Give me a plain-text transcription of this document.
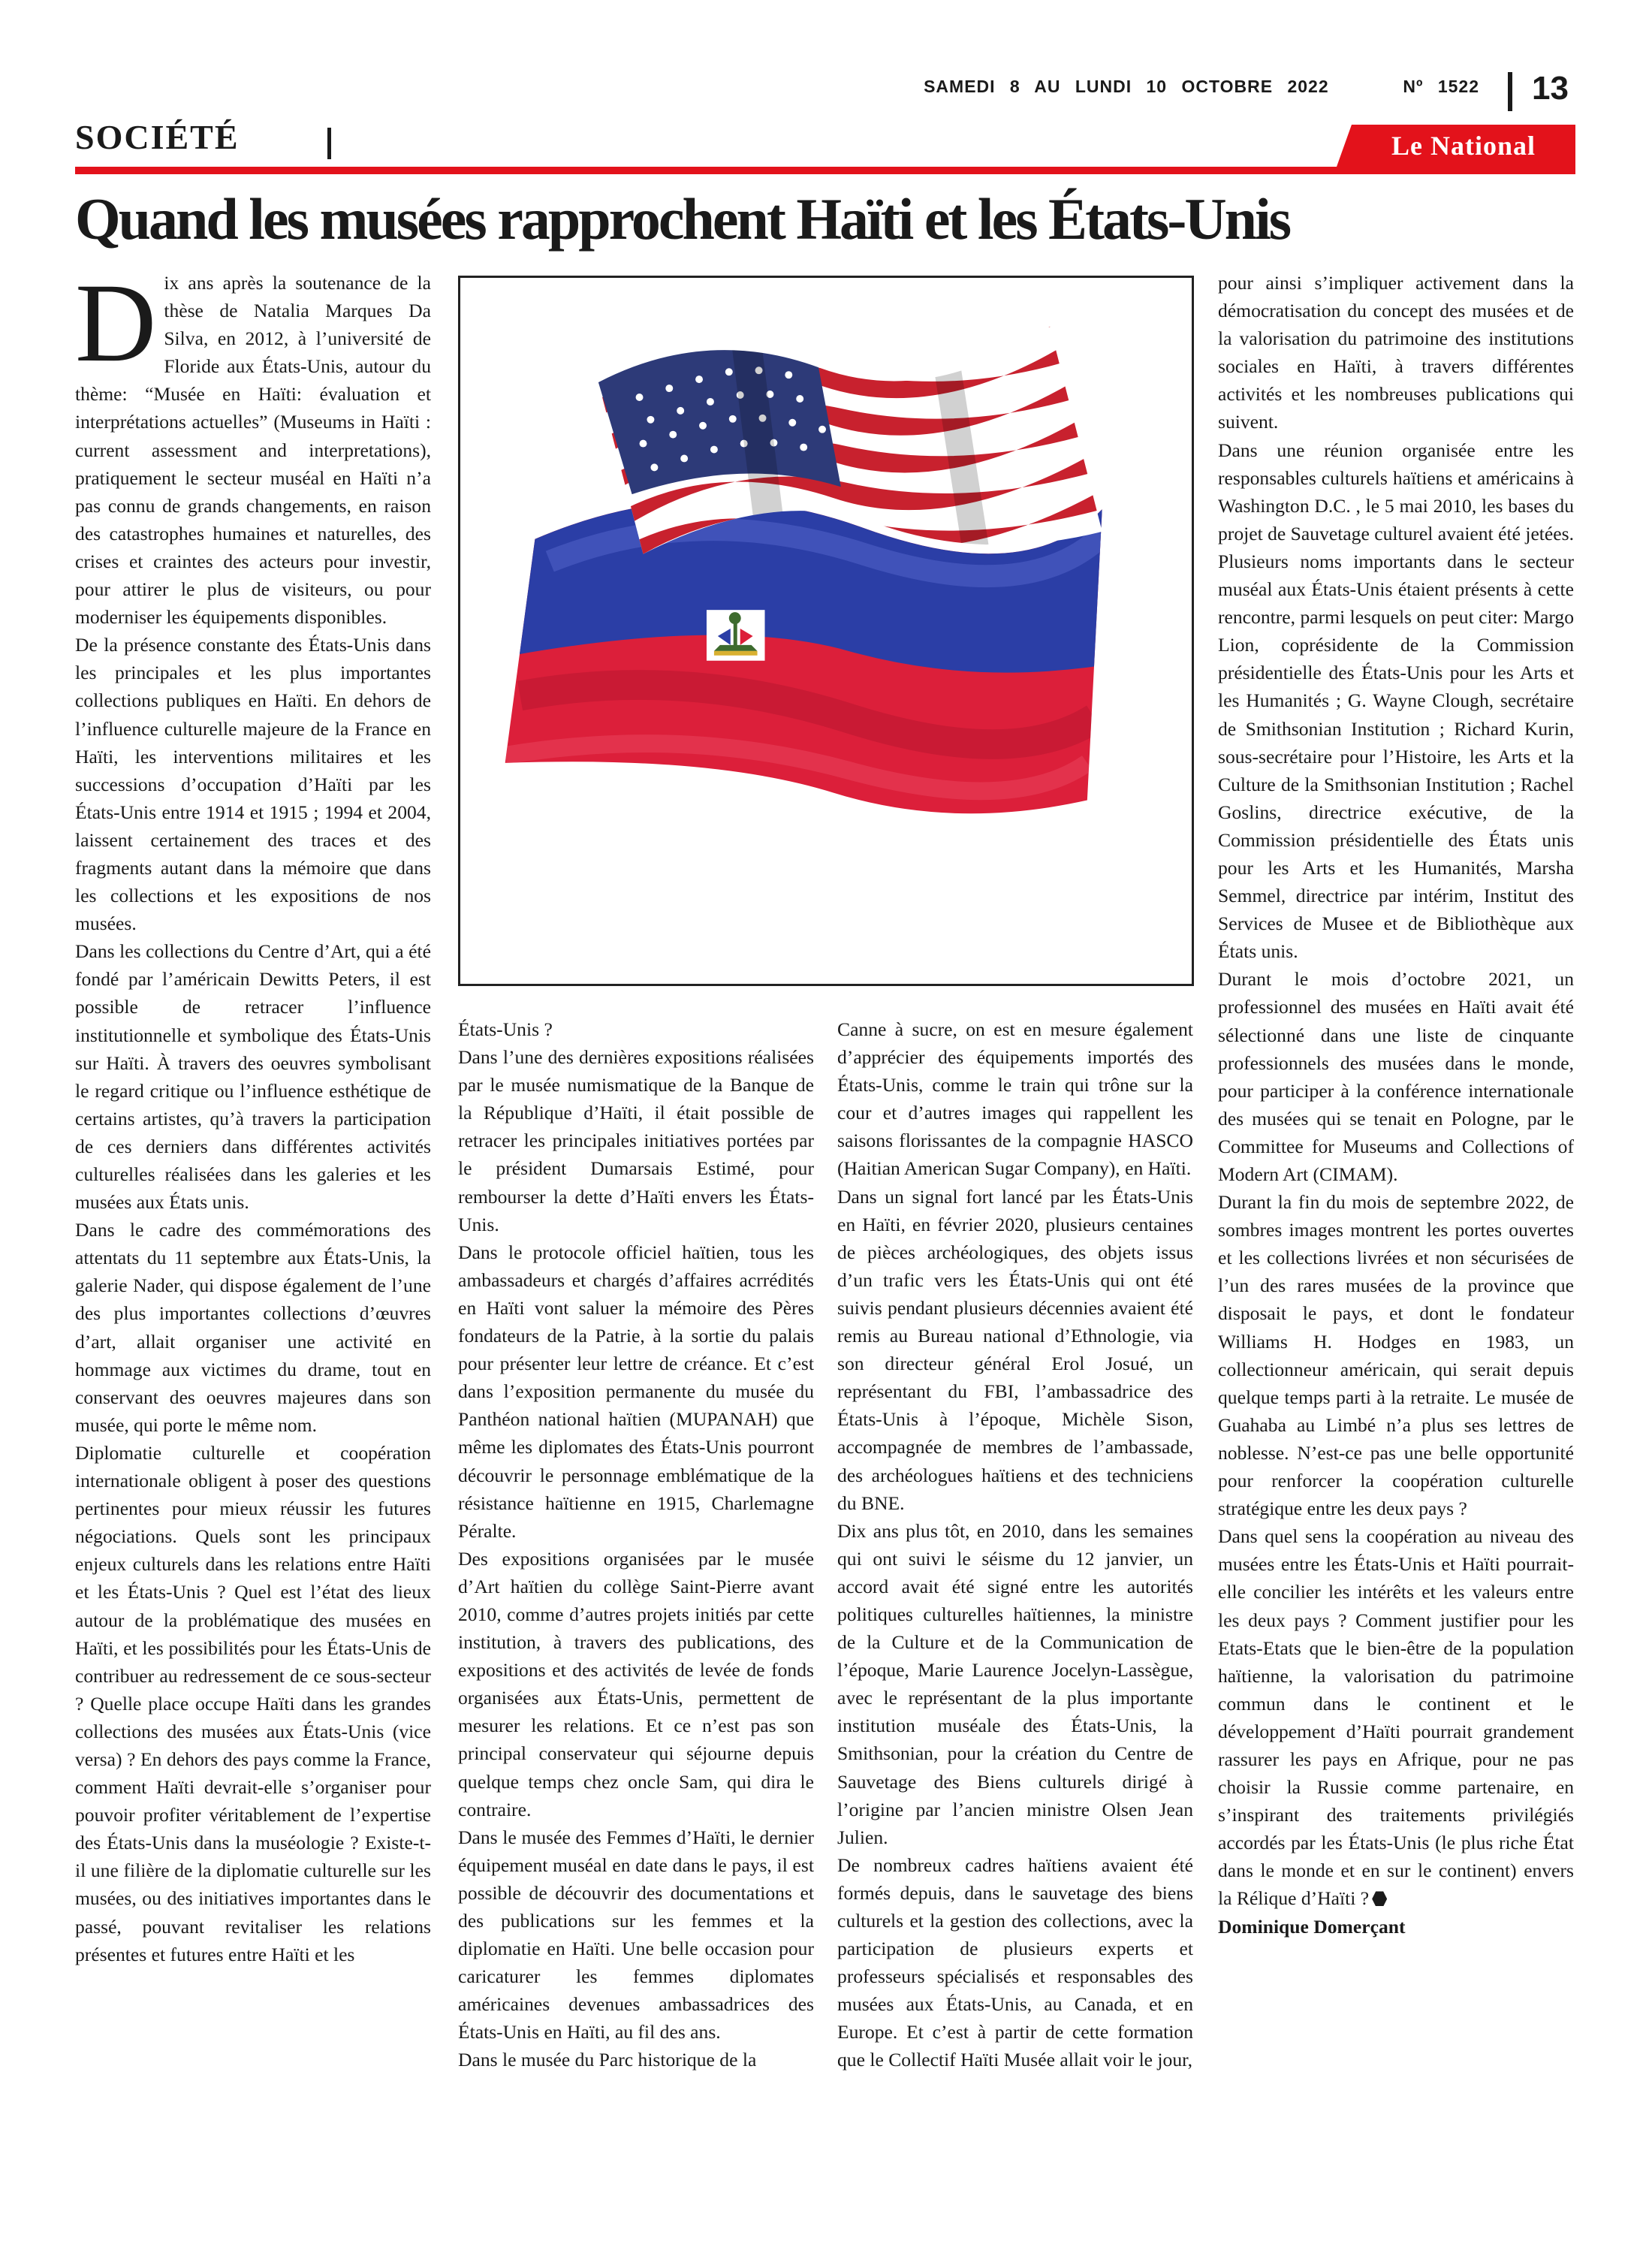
SAMEDI 8 AU LUNDI 10 OCTOBRE 2022	Nº 1522 13
SOCIÉTÉ	Le National
Quand les musées rapprochent Haïti et les États-Unis

Dix ans après la soutenance de la thèse de Natalia Marques Da Silva, en 2012, à l’université de Floride aux États-Unis, autour du thème: “Musée en Haïti: évaluation et interprétations actuelles” (Museums in Haïti : current assessment and interpretations), pratiquement le secteur muséal en Haïti n’a pas connu de grands changements, en raison des catastrophes humaines et naturelles, des crises et craintes des acteurs pour investir, pour attirer le plus de visiteurs, ou pour moderniser les équipements disponibles.

De la présence constante des États-Unis dans les principales et les plus importantes collections publiques en Haïti. En dehors de l’influence culturelle majeure de la France en Haïti, les interventions militaires et les successions d’occupation d’Haïti par les États-Unis entre 1914 et 1915 ; 1994 et 2004, laissent certainement des traces et des fragments autant dans la mémoire que dans les collections et les expositions de nos musées.

Dans les collections du Centre d’Art, qui a été fondé par l’américain Dewitts Peters, il est possible de retracer l’influence institutionnelle et symbolique des États-Unis sur Haïti. À travers des oeuvres symbolisant le regard critique ou l’influence esthétique de certains artistes, qu’à travers la participation de ces derniers dans différentes activités culturelles réalisées dans les galeries et les musées aux États unis.

Dans le cadre des commémorations des attentats du 11 septembre aux États-Unis, la galerie Nader, qui dispose également de l’une des plus importantes collections d’œuvres d’art, allait organiser une activité en hommage aux victimes du drame, tout en conservant des oeuvres majeures dans son musée, qui porte le même nom.

Diplomatie culturelle et coopération internationale obligent à poser des questions pertinentes pour mieux réussir les futures négociations. Quels sont les principaux enjeux culturels dans les relations entre Haïti et les États-Unis ? Quel est l’état des lieux autour de la problématique des musées en Haïti, et les possibilités pour les États-Unis de contribuer au redressement de ce sous-secteur ? Quelle place occupe Haïti dans les grandes collections des musées aux États-Unis (vice versa) ? En dehors des pays comme la France, comment Haïti devrait-elle s’organiser pour pouvoir profiter véritablement de l’expertise des États-Unis dans la muséologie ? Existe-t-il une filière de la diplomatie culturelle sur les musées, ou des initiatives importantes dans le passé, pouvant revitaliser les relations présentes et futures entre Haïti et les

États-Unis ?

Dans l’une des dernières expositions réalisées par le musée numismatique de la Banque de la République d’Haïti, il était possible de retracer les principales initiatives portées par le président Dumarsais Estimé, pour rembourser la dette d’Haïti envers les États-Unis.

Dans le protocole officiel haïtien, tous les ambassadeurs et chargés d’affaires acrrédités en Haïti vont saluer la mémoire des Pères fondateurs de la Patrie, à la sortie du palais pour présenter leur lettre de créance. Et c’est dans l’exposition permanente du musée du Panthéon national haïtien (MUPANAH) que même les diplomates des États-Unis pourront découvrir le personnage emblématique de la résistance haïtienne en 1915, Charlemagne Péralte.

Des expositions organisées par le musée d’Art haïtien du collège Saint-Pierre avant 2010, comme d’autres projets initiés par cette institution, à travers des publications, des expositions et des activités de levée de fonds organisées aux États-Unis, permettent de mesurer les relations. Et ce n’est pas son principal conservateur qui séjourne depuis quelque temps chez oncle Sam, qui dira le contraire.

Dans le musée des Femmes d’Haïti, le dernier équipement muséal en date dans le pays, il est possible de découvrir des documentations et des publications sur les femmes et la diplomatie en Haïti. Une belle occasion pour caricaturer les femmes diplomates américaines devenues ambassadrices des États-Unis en Haïti, au fil des ans.

Dans le musée du Parc historique de la

Canne à sucre, on est en mesure également d’apprécier des équipements importés des États-Unis, comme le train qui trône sur la cour et d’autres images qui rappellent les saisons florissantes de la compagnie HASCO (Haitian American Sugar Company), en Haïti.

Dans un signal fort lancé par les États-Unis en Haïti, en février 2020, plusieurs centaines de pièces archéologiques, des objets issus d’un trafic vers les États-Unis qui ont été suivis pendant plusieurs décennies avaient été remis au Bureau national d’Ethnologie, via son directeur général Erol Josué, un représentant du FBI, l’ambassadrice des États-Unis à l’époque, Michèle Sison, accompagnée de membres de l’ambassade, des archéologues haïtiens et des techniciens du BNE.

Dix ans plus tôt, en 2010, dans les semaines qui ont suivi le séisme du 12 janvier, un accord avait été signé entre les autorités politiques culturelles haïtiennes, la ministre de la Culture et de la Communication de l’époque, Marie Laurence Jocelyn-Lassègue, avec le représentant de la plus importante institution muséale des États-Unis, la Smithsonian, pour la création du Centre de Sauvetage des Biens culturels dirigé à l’origine par l’ancien ministre Olsen Jean Julien.

De nombreux cadres haïtiens avaient été formés depuis, dans le sauvetage des biens culturels et la gestion des collections, avec la participation de plusieurs experts et professeurs spécialisés et responsables des musées aux États-Unis, au Canada, et en Europe. Et c’est à partir de cette formation que le Collectif Haïti Musée allait voir le jour,

pour ainsi s’impliquer activement dans la démocratisation du concept des musées et de la valorisation du patrimoine des institutions sociales en Haïti, à travers différentes activités et les nombreuses publications qui suivent.

Dans une réunion organisée entre les responsables culturels haïtiens et américains à Washington D.C. , le 5 mai 2010, les bases du projet de Sauvetage culturel avaient été jetées. Plusieurs noms importants dans le secteur muséal aux États-Unis étaient présents à cette rencontre, parmi lesquels on peut citer: Margo Lion, coprésidente de la Commission présidentielle des États-Unis pour les Arts et les Humanités ; G. Wayne Clough, secrétaire de Smithsonian Institution ; Richard Kurin, sous-secrétaire pour l’Histoire, les Arts et la Culture de la Smithsonian Institution ; Rachel Goslins, directrice exécutive, de la Commission présidentielle des États unis pour les Arts et les Humanités, Marsha Semmel, directrice par intérim, Institut des Services de Musee et de Bibliothèque aux États unis.

Durant le mois d’octobre 2021, un professionnel des musées en Haïti avait été sélectionné dans une liste de cinquante professionnels des musées dans le monde, pour participer à la conférence internationale des musées qui se tenait en Pologne, par le Committee for Museums and Collections of Modern Art (CIMAM).

Durant la fin du mois de septembre 2022, de sombres images montrent les portes ouvertes et les collections livrées et non sécurisées de l’un des rares musées de la province que disposait le pays, et dont le fondateur Williams H. Hodges en 1983, un collectionneur américain, qui serait depuis quelque temps parti à la retraite. Le musée de Guahaba au Limbé n’a plus ses lettres de noblesse. N’est-ce pas une belle opportunité pour renforcer la coopération culturelle stratégique entre les deux pays ?

Dans quel sens la coopération au niveau des musées entre les États-Unis et Haïti pourrait-elle concilier les intérêts et les valeurs entre les deux pays ? Comment justifier pour les Etats-Etats que le bien-être de la population haïtienne, la valorisation du patrimoine commun dans le continent et le développement d’Haïti pourrait grandement rassurer les pays en Afrique, pour ne pas choisir la Russie comme partenaire, en s’inspirant des traitements privilégiés accordés par les États-Unis (le plus riche État dans le monde et en sur le continent) envers la Rélique d’Haïti ?

Dominique Domerçant
